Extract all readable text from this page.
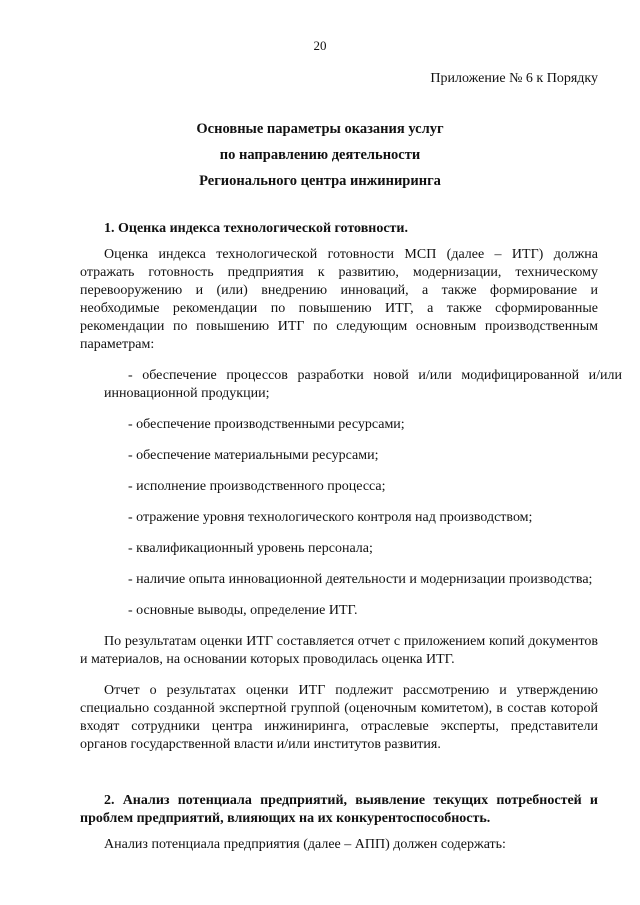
20
Приложение № 6 к Порядку
Основные параметры оказания услуг
по направлению деятельности
Регионального центра инжиниринга
1. Оценка индекса технологической готовности.
Оценка индекса технологической готовности МСП (далее – ИТГ) должна отражать готовность предприятия к развитию, модернизации, техническому перевооружению и (или) внедрению инноваций, а также формирование и необходимые рекомендации по повышению ИТГ, а также сформированные рекомендации по повышению ИТГ по следующим основным производственным параметрам:
- обеспечение процессов разработки новой и/или модифицированной и/или инновационной продукции;
- обеспечение производственными ресурсами;
- обеспечение материальными ресурсами;
- исполнение производственного процесса;
- отражение уровня технологического контроля над производством;
- квалификационный уровень персонала;
- наличие опыта инновационной деятельности и модернизации производства;
- основные выводы, определение ИТГ.
По результатам оценки ИТГ составляется отчет с приложением копий документов и материалов, на основании которых проводилась оценка ИТГ.
Отчет о результатах оценки ИТГ подлежит рассмотрению и утверждению специально созданной экспертной группой (оценочным комитетом), в состав которой входят сотрудники центра инжиниринга, отраслевые эксперты, представители органов государственной власти и/или институтов развития.
2. Анализ потенциала предприятий, выявление текущих потребностей и проблем предприятий, влияющих на их конкурентоспособность.
Анализ потенциала предприятия (далее – АПП) должен содержать:
